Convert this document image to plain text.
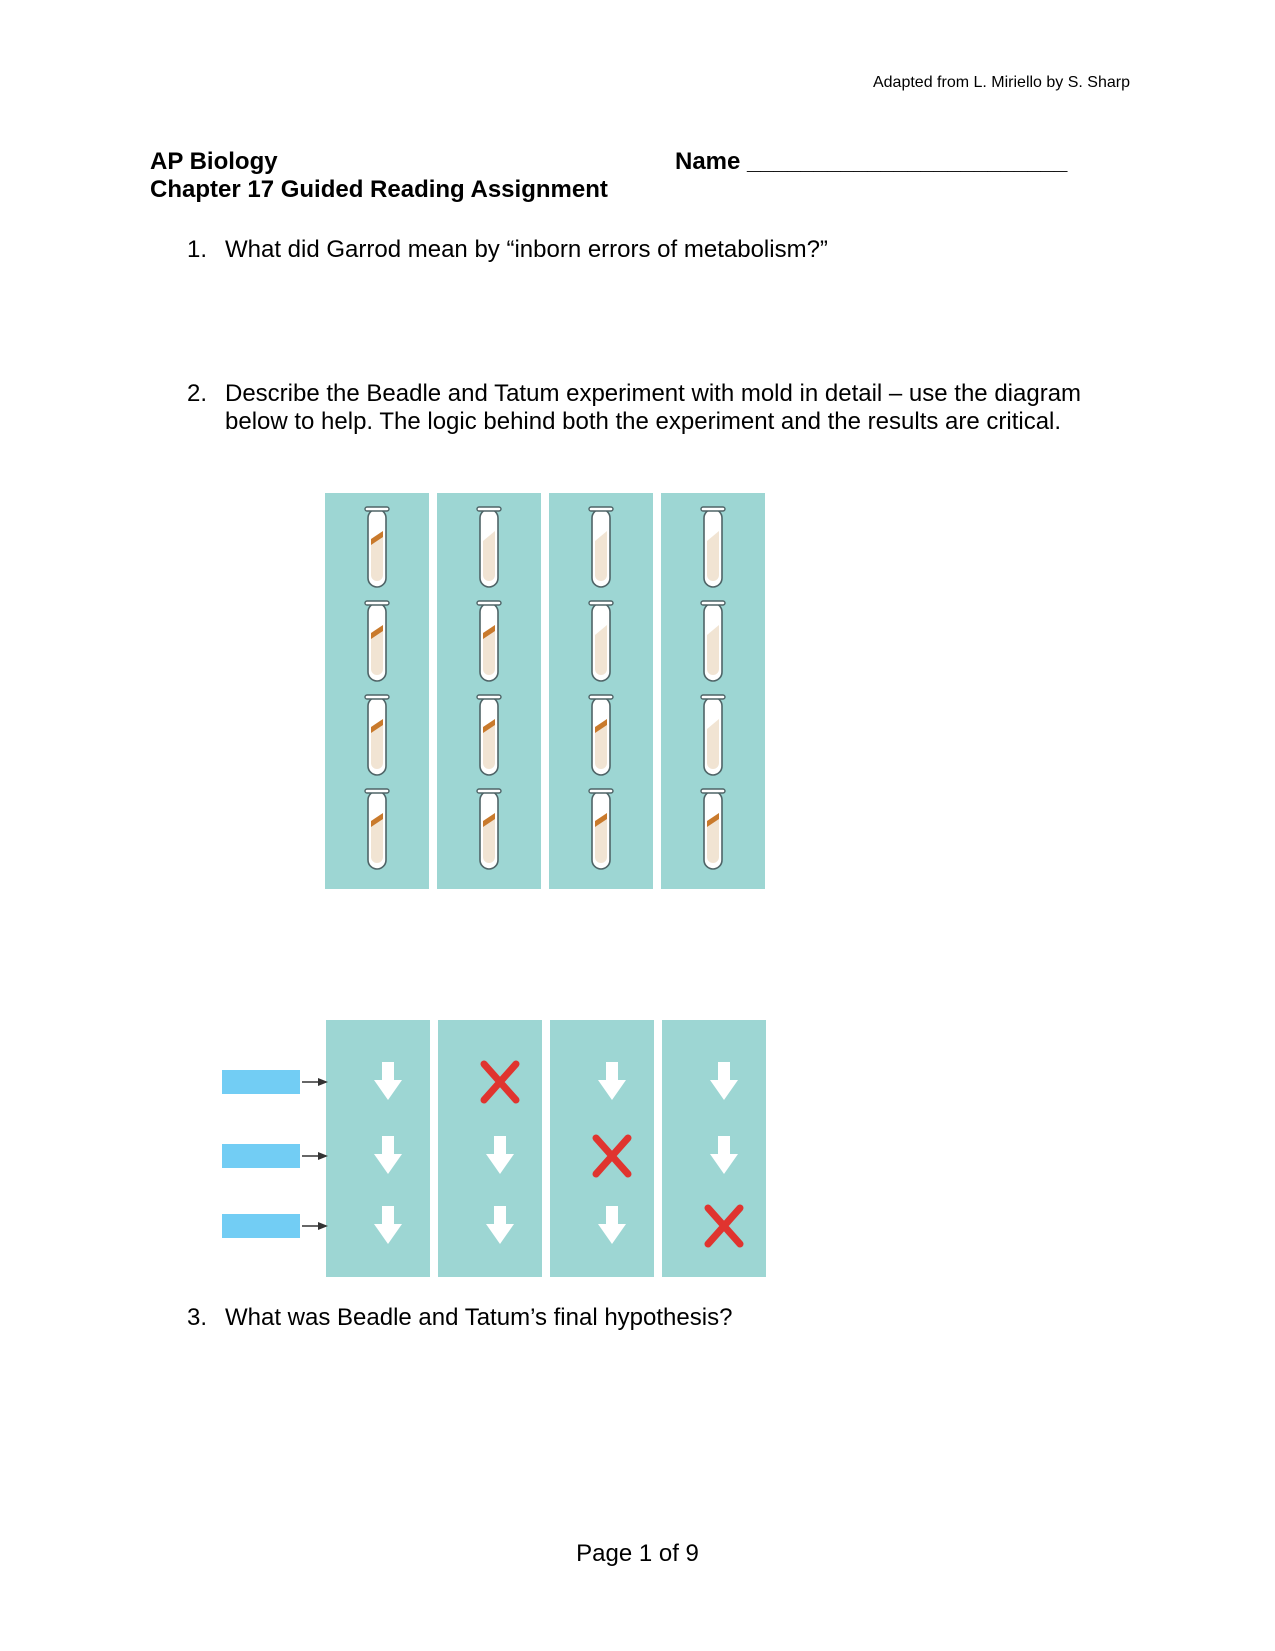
Adapted from L. Miriello by S. Sharp
AP Biology
Chapter 17 Guided Reading Assignment
Name ________________________
1. What did Garrod mean by “inborn errors of metabolism?”
2. Describe the Beadle and Tatum experiment with mold in detail – use the diagram below to help. The logic behind both the experiment and the results are critical.
3. What was Beadle and Tatum’s final hypothesis?
Page 1 of 9
